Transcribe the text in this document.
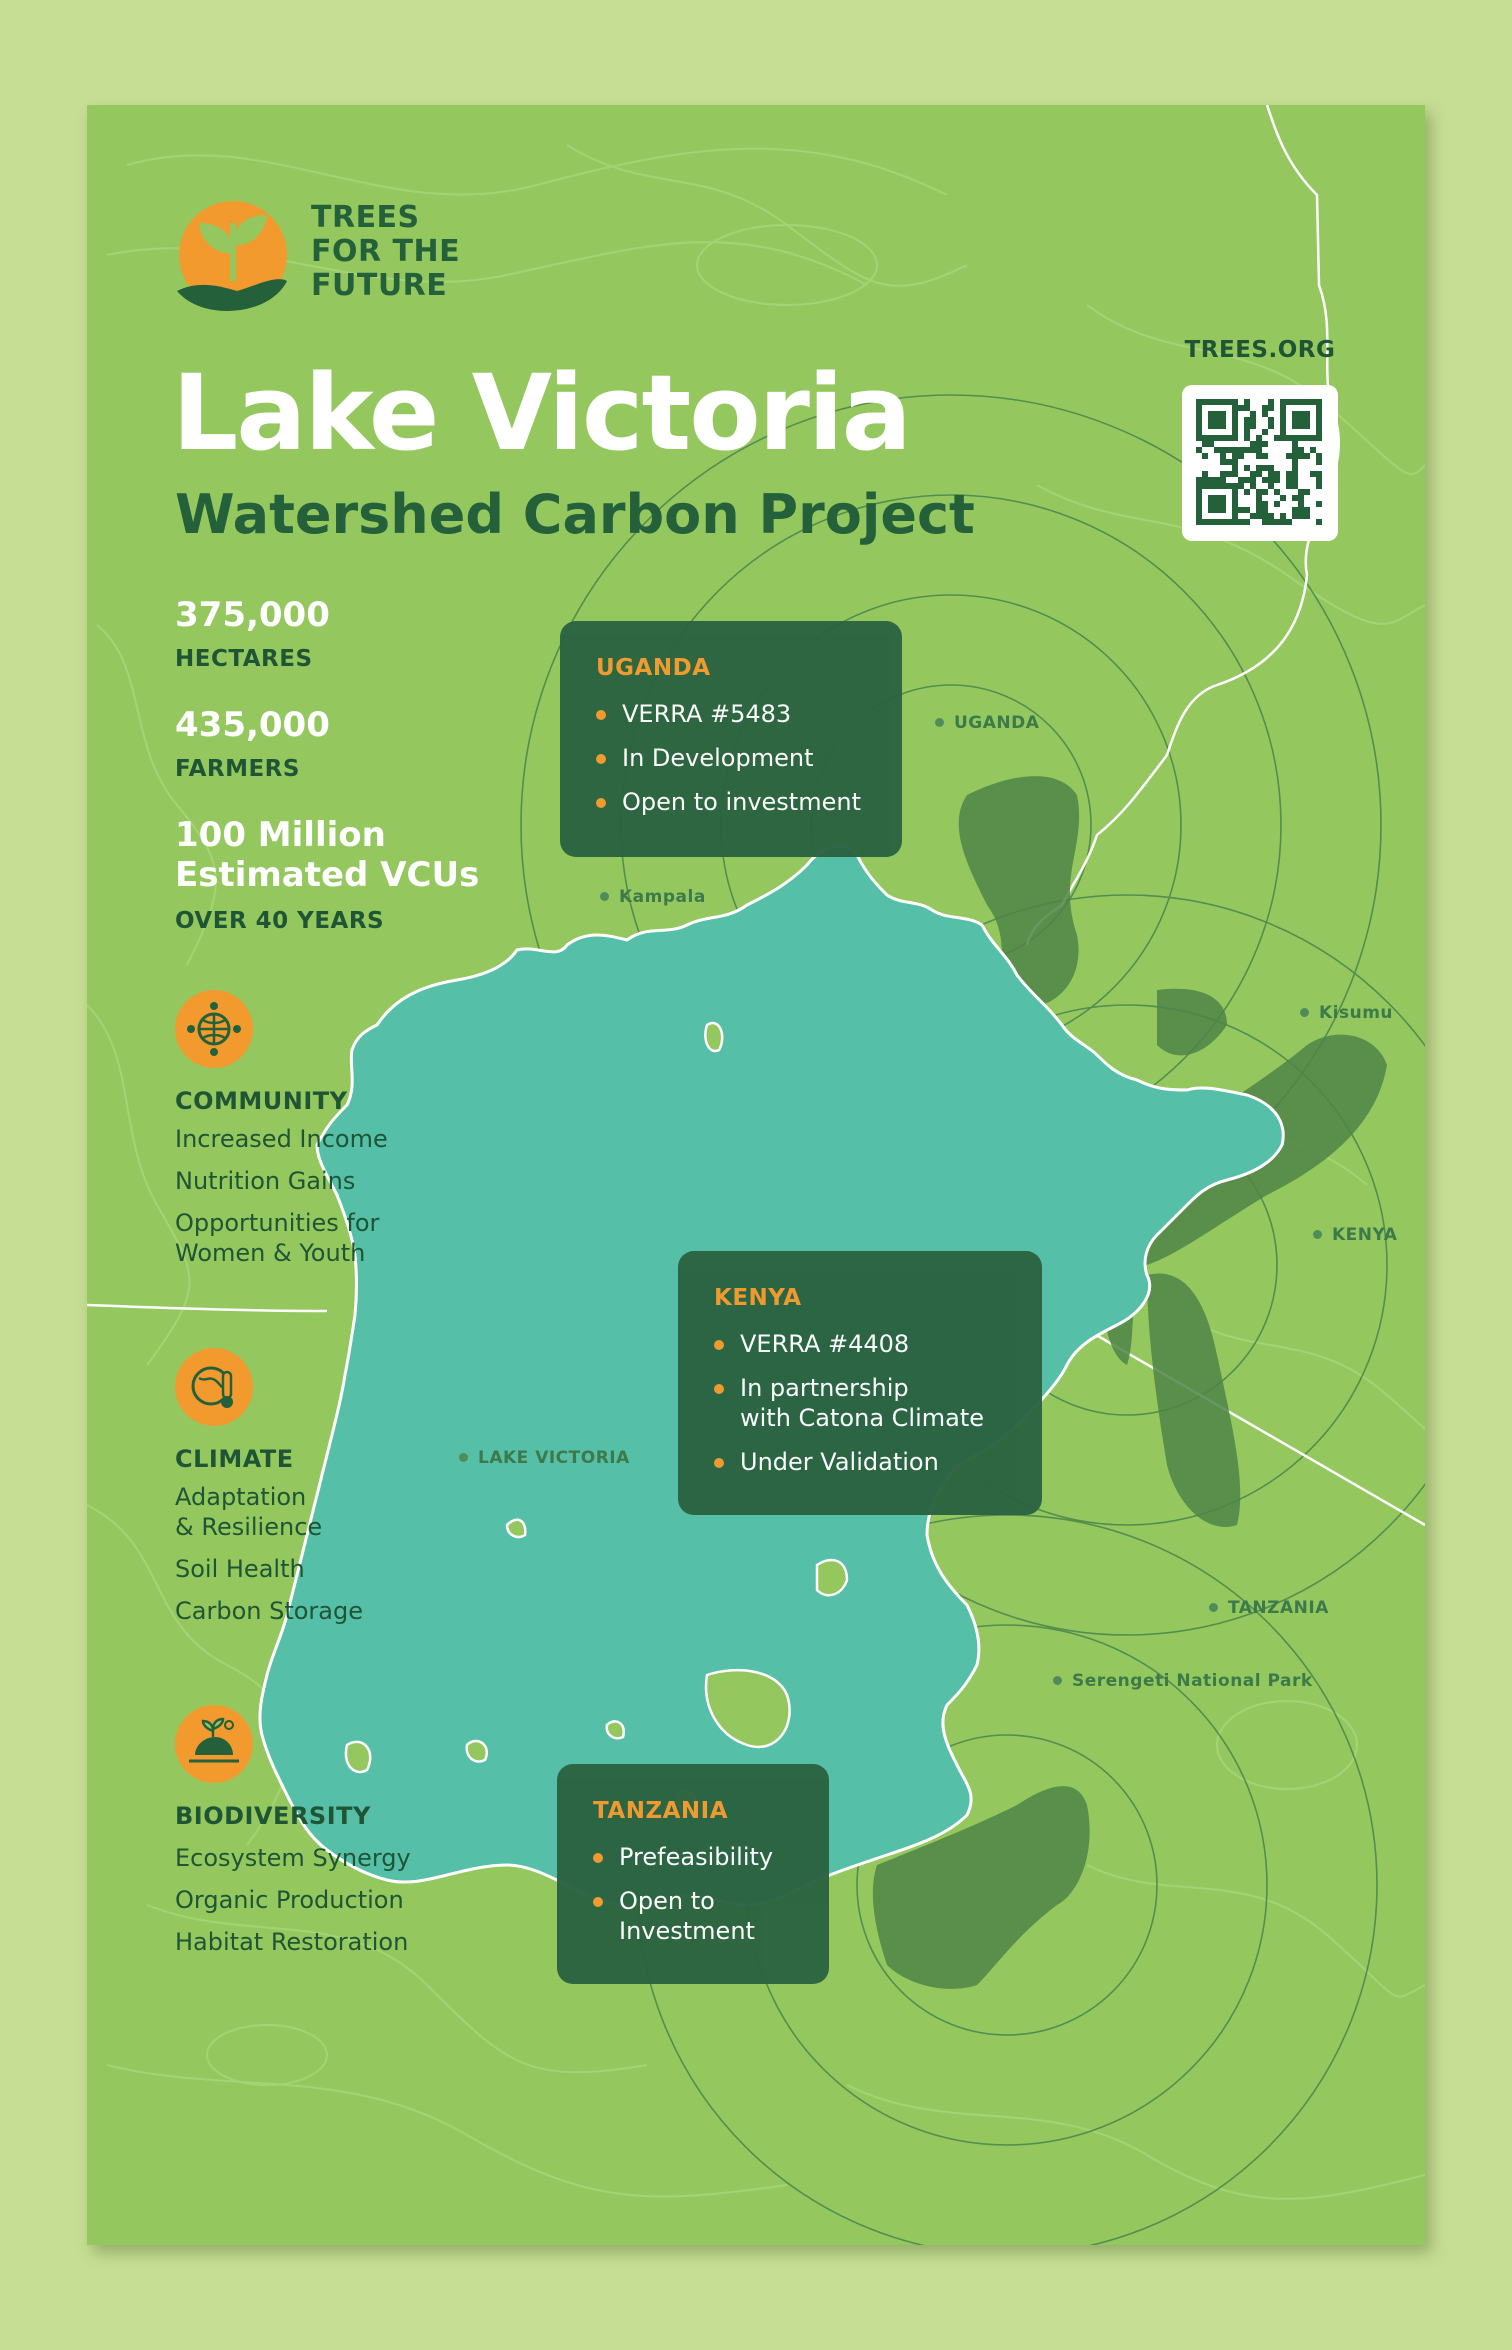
TREES
FOR THE
FUTURE
Lake Victoria
Watershed Carbon Project
375,000
HECTARES
435,000
FARMERS
100 Million
Estimated VCUs
OVER 40 YEARS
COMMUNITY
Increased Income
Nutrition Gains
Opportunities for
Women & Youth
CLIMATE
Adaptation
& Resilience
Soil Health
Carbon Storage
BIODIVERSITY
Ecosystem Synergy
Organic Production
Habitat Restoration
TREES.ORG
UGANDA
Kampala
Kisumu
KENYA
LAKE VICTORIA
TANZANIA
Serengeti National Park
UGANDA
VERRA #5483
In Development
Open to investment
KENYA
VERRA #4408
In partnership
with Catona Climate
Under Validation
TANZANIA
Prefeasibility
Open to
Investment
